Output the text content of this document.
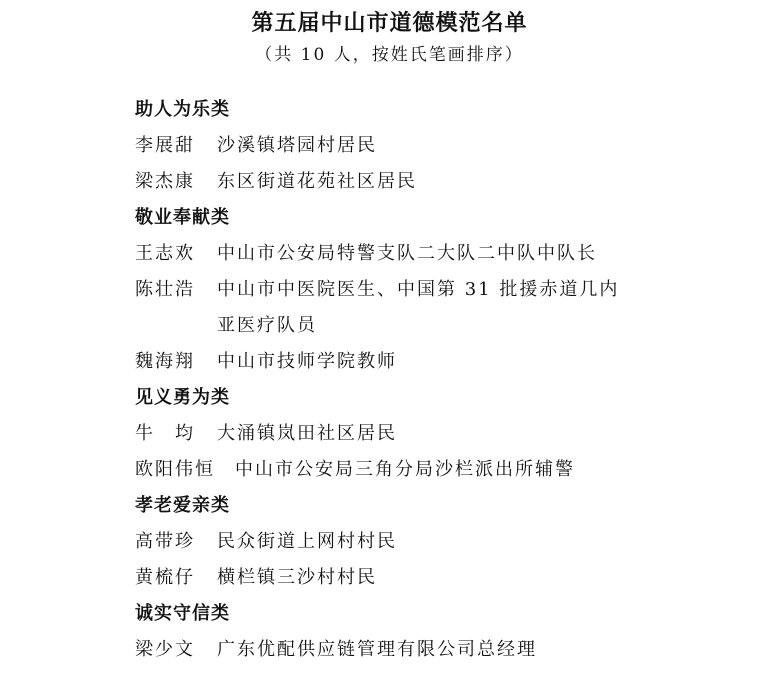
第五届中山市道德模范名单
（共 10 人，按姓氏笔画排序）
助人为乐类
李展甜	沙溪镇塔园村居民
梁杰康	东区街道花苑社区居民
敬业奉献类
王志欢	中山市公安局特警支队二大队二中队中队长
陈壮浩	中山市中医院医生、中国第 31 批援赤道几内亚医疗队员
魏海翔	中山市技师学院教师
见义勇为类
牛　均	大涌镇岚田社区居民
欧阳伟恒	中山市公安局三角分局沙栏派出所辅警
孝老爱亲类
高带珍	民众街道上网村村民
黄梳仔	横栏镇三沙村村民
诚实守信类
梁少文	广东优配供应链管理有限公司总经理
